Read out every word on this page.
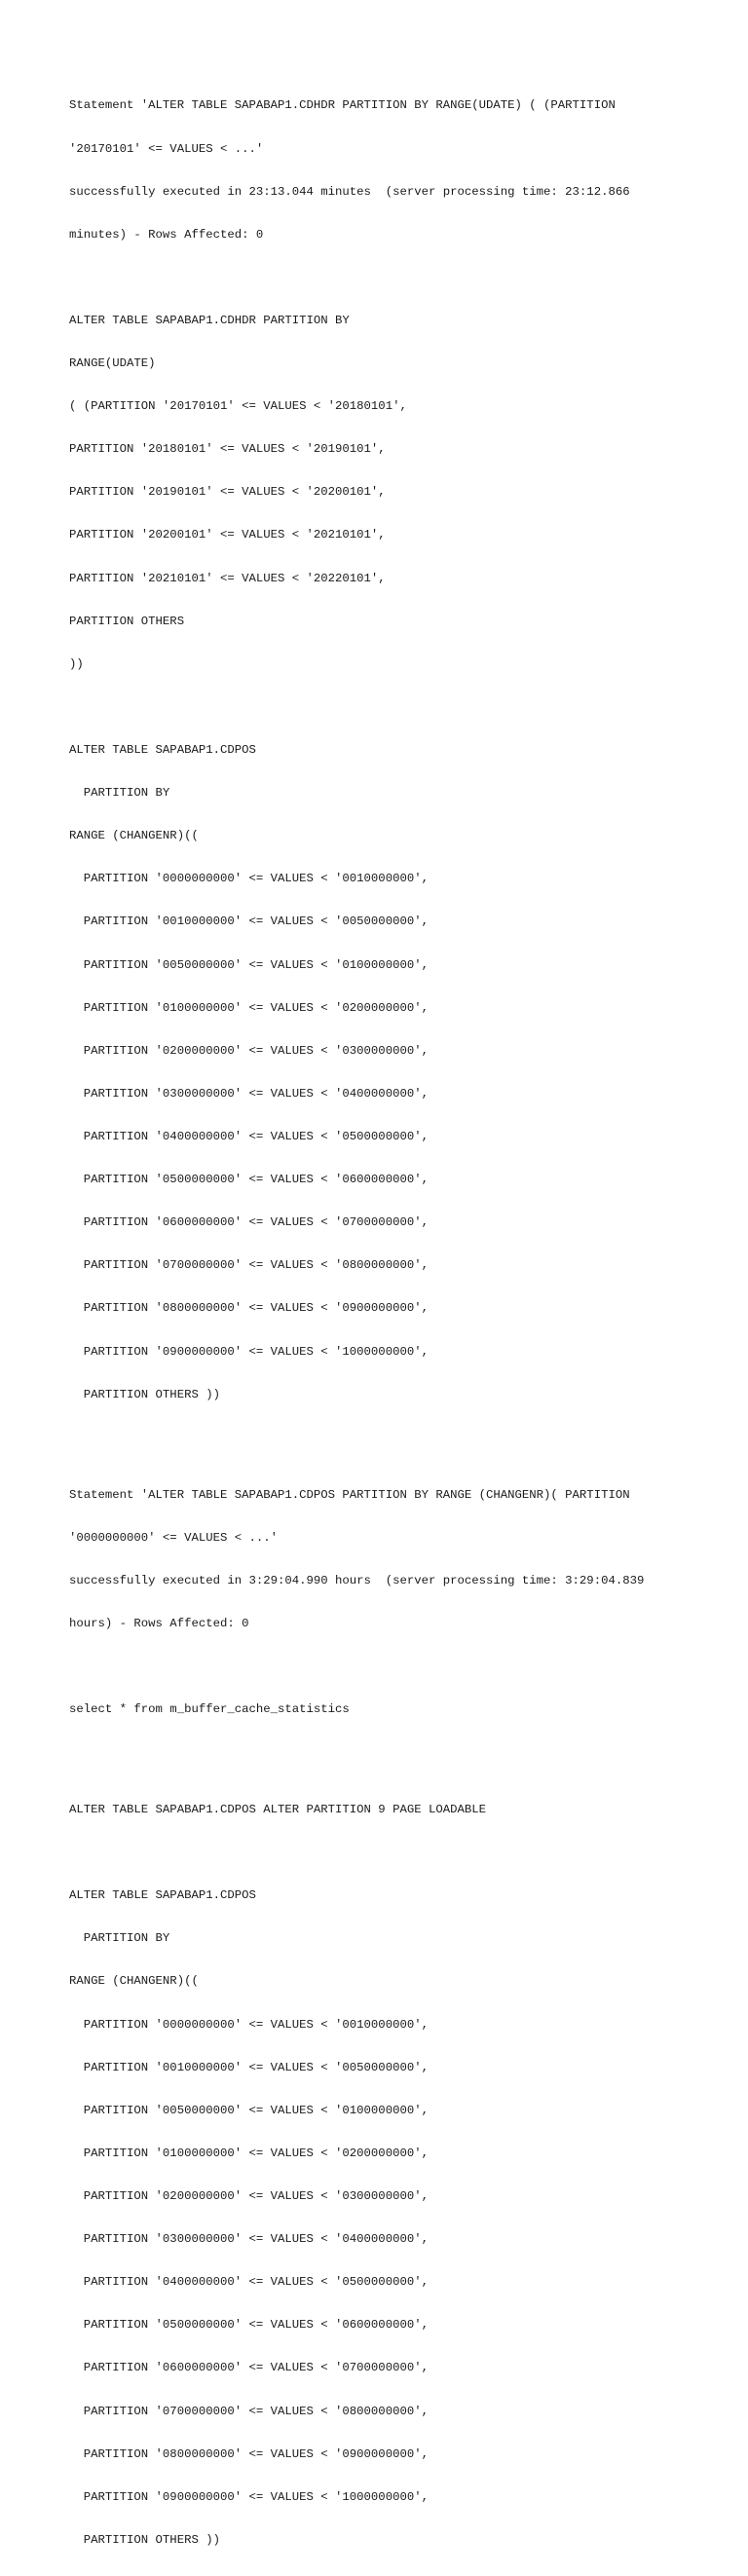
Statement 'ALTER TABLE SAPABAP1.CDHDR PARTITION BY RANGE(UDATE) ( (PARTITION

'20170101' <= VALUES < ...'

successfully executed in 23:13.044 minutes  (server processing time: 23:12.866

minutes) - Rows Affected: 0

ALTER TABLE SAPABAP1.CDHDR PARTITION BY

RANGE(UDATE)

( (PARTITION '20170101' <= VALUES < '20180101',

PARTITION '20180101' <= VALUES < '20190101',

PARTITION '20190101' <= VALUES < '20200101',

PARTITION '20200101' <= VALUES < '20210101',

PARTITION '20210101' <= VALUES < '20220101',

PARTITION OTHERS

))

ALTER TABLE SAPABAP1.CDPOS

PARTITION BY

RANGE (CHANGENR)((

PARTITION '0000000000' <= VALUES < '0010000000',

PARTITION '0010000000' <= VALUES < '0050000000',

PARTITION '0050000000' <= VALUES < '0100000000',

PARTITION '0100000000' <= VALUES < '0200000000',

PARTITION '0200000000' <= VALUES < '0300000000',

PARTITION '0300000000' <= VALUES < '0400000000',

PARTITION '0400000000' <= VALUES < '0500000000',

PARTITION '0500000000' <= VALUES < '0600000000',

PARTITION '0600000000' <= VALUES < '0700000000',

PARTITION '0700000000' <= VALUES < '0800000000',

PARTITION '0800000000' <= VALUES < '0900000000',

PARTITION '0900000000' <= VALUES < '1000000000',

PARTITION OTHERS ))

Statement 'ALTER TABLE SAPABAP1.CDPOS PARTITION BY RANGE (CHANGENR)( PARTITION

'0000000000' <= VALUES < ...'

successfully executed in 3:29:04.990 hours  (server processing time: 3:29:04.839

hours) - Rows Affected: 0

select * from m_buffer_cache_statistics

ALTER TABLE SAPABAP1.CDPOS ALTER PARTITION 9 PAGE LOADABLE

ALTER TABLE SAPABAP1.CDPOS

PARTITION BY

RANGE (CHANGENR)((

PARTITION '0000000000' <= VALUES < '0010000000',

PARTITION '0010000000' <= VALUES < '0050000000',

PARTITION '0050000000' <= VALUES < '0100000000',

PARTITION '0100000000' <= VALUES < '0200000000',

PARTITION '0200000000' <= VALUES < '0300000000',

PARTITION '0300000000' <= VALUES < '0400000000',

PARTITION '0400000000' <= VALUES < '0500000000',

PARTITION '0500000000' <= VALUES < '0600000000',

PARTITION '0600000000' <= VALUES < '0700000000',

PARTITION '0700000000' <= VALUES < '0800000000',

PARTITION '0800000000' <= VALUES < '0900000000',

PARTITION '0900000000' <= VALUES < '1000000000',

PARTITION OTHERS ))
